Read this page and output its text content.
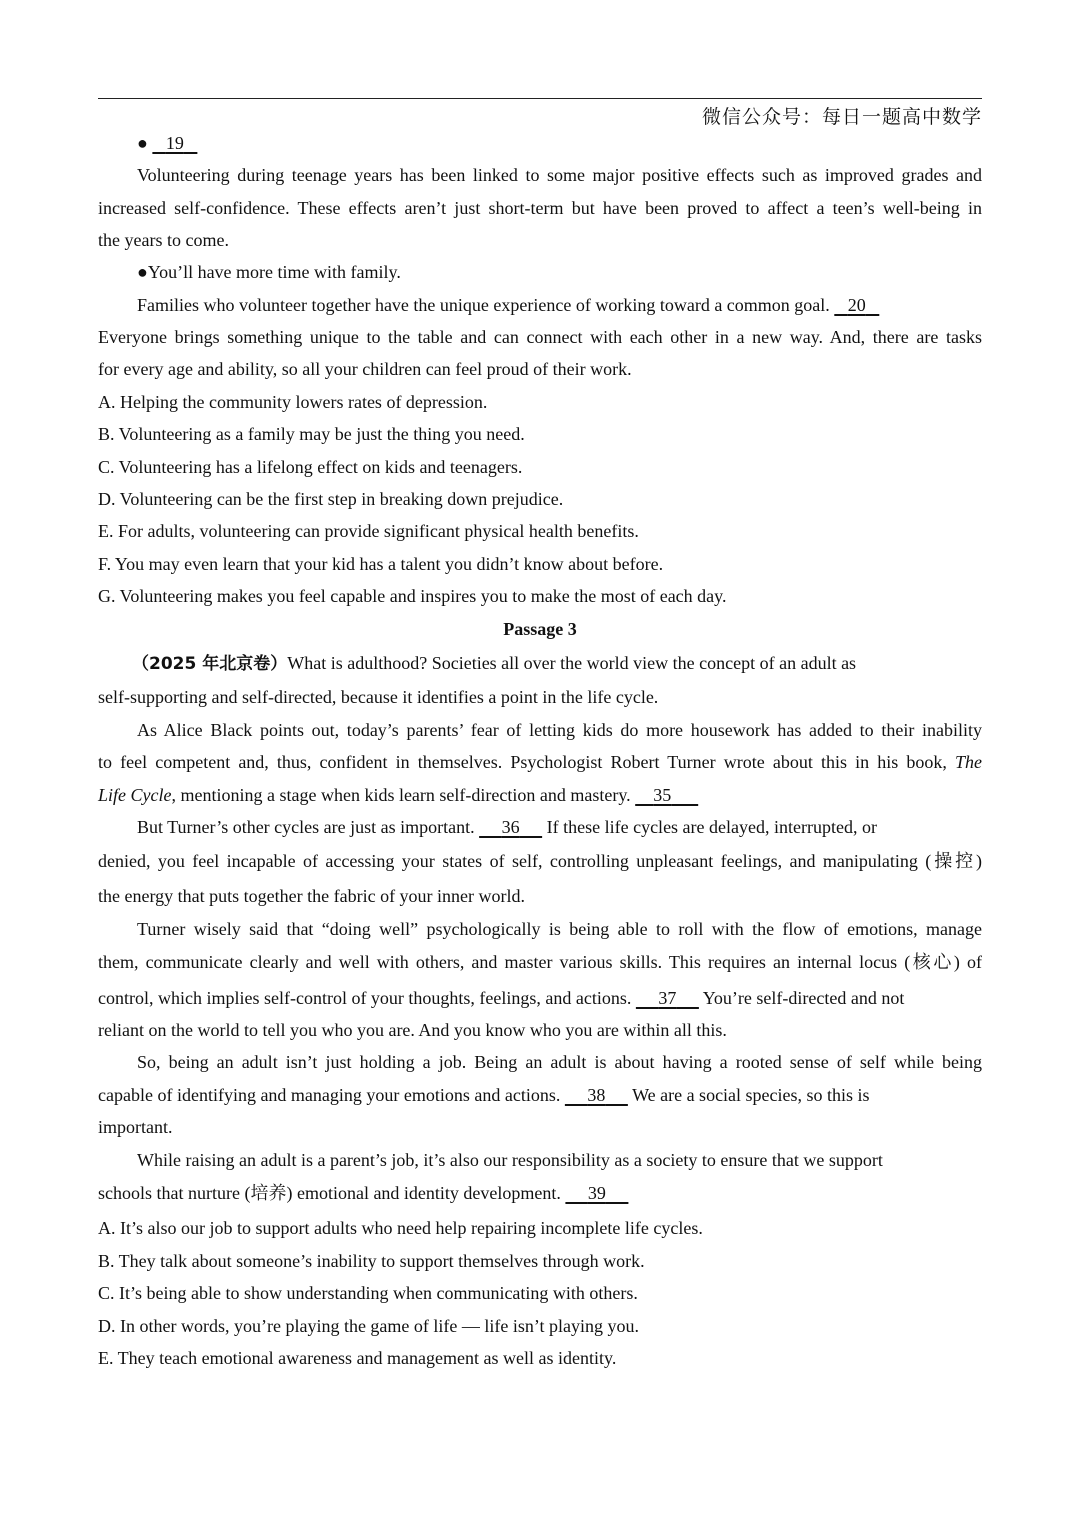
微信公众号：每日一题高中数学
● 19
Volunteering during teenage years has been linked to some major positive effects such as improved grades and
increased self-confidence. These effects aren’t just short-term but have been proved to affect a teen’s well-being in
the years to come.
●You’ll have more time with family.
Families who volunteer together have the unique experience of working toward a common goal. 20
Everyone brings something unique to the table and can connect with each other in a new way. And, there are tasks
for every age and ability, so all your children can feel proud of their work.
A. Helping the community lowers rates of depression.
B. Volunteering as a family may be just the thing you need.
C. Volunteering has a lifelong effect on kids and teenagers.
D. Volunteering can be the first step in breaking down prejudice.
E. For adults, volunteering can provide significant physical health benefits.
F. You may even learn that your kid has a talent you didn’t know about before.
G. Volunteering makes you feel capable and inspires you to make the most of each day.
Passage 3
（2025 年北京卷）What is adulthood? Societies all over the world view the concept of an adult as
self-supporting and self-directed, because it identifies a point in the life cycle.
As Alice Black points out, today’s parents’ fear of letting kids do more housework has added to their inability
to feel competent and, thus, confident in themselves. Psychologist Robert Turner wrote about this in his book, The
Life Cycle, mentioning a stage when kids learn self-direction and mastery. 35
But Turner’s other cycles are just as important. 36 If these life cycles are delayed, interrupted, or
denied, you feel incapable of accessing your states of self, controlling unpleasant feelings, and manipulating (操控)
the energy that puts together the fabric of your inner world.
Turner wisely said that “doing well” psychologically is being able to roll with the flow of emotions, manage
them, communicate clearly and well with others, and master various skills. This requires an internal locus (核心) of
control, which implies self-control of your thoughts, feelings, and actions. 37 You’re self-directed and not
reliant on the world to tell you who you are. And you know who you are within all this.
So, being an adult isn’t just holding a job. Being an adult is about having a rooted sense of self while being
capable of identifying and managing your emotions and actions. 38 We are a social species, so this is
important.
While raising an adult is a parent’s job, it’s also our responsibility as a society to ensure that we support
schools that nurture (培养) emotional and identity development. 39
A. It’s also our job to support adults who need help repairing incomplete life cycles.
B. They talk about someone’s inability to support themselves through work.
C. It’s being able to show understanding when communicating with others.
D. In other words, you’re playing the game of life — life isn’t playing you.
E. They teach emotional awareness and management as well as identity.
